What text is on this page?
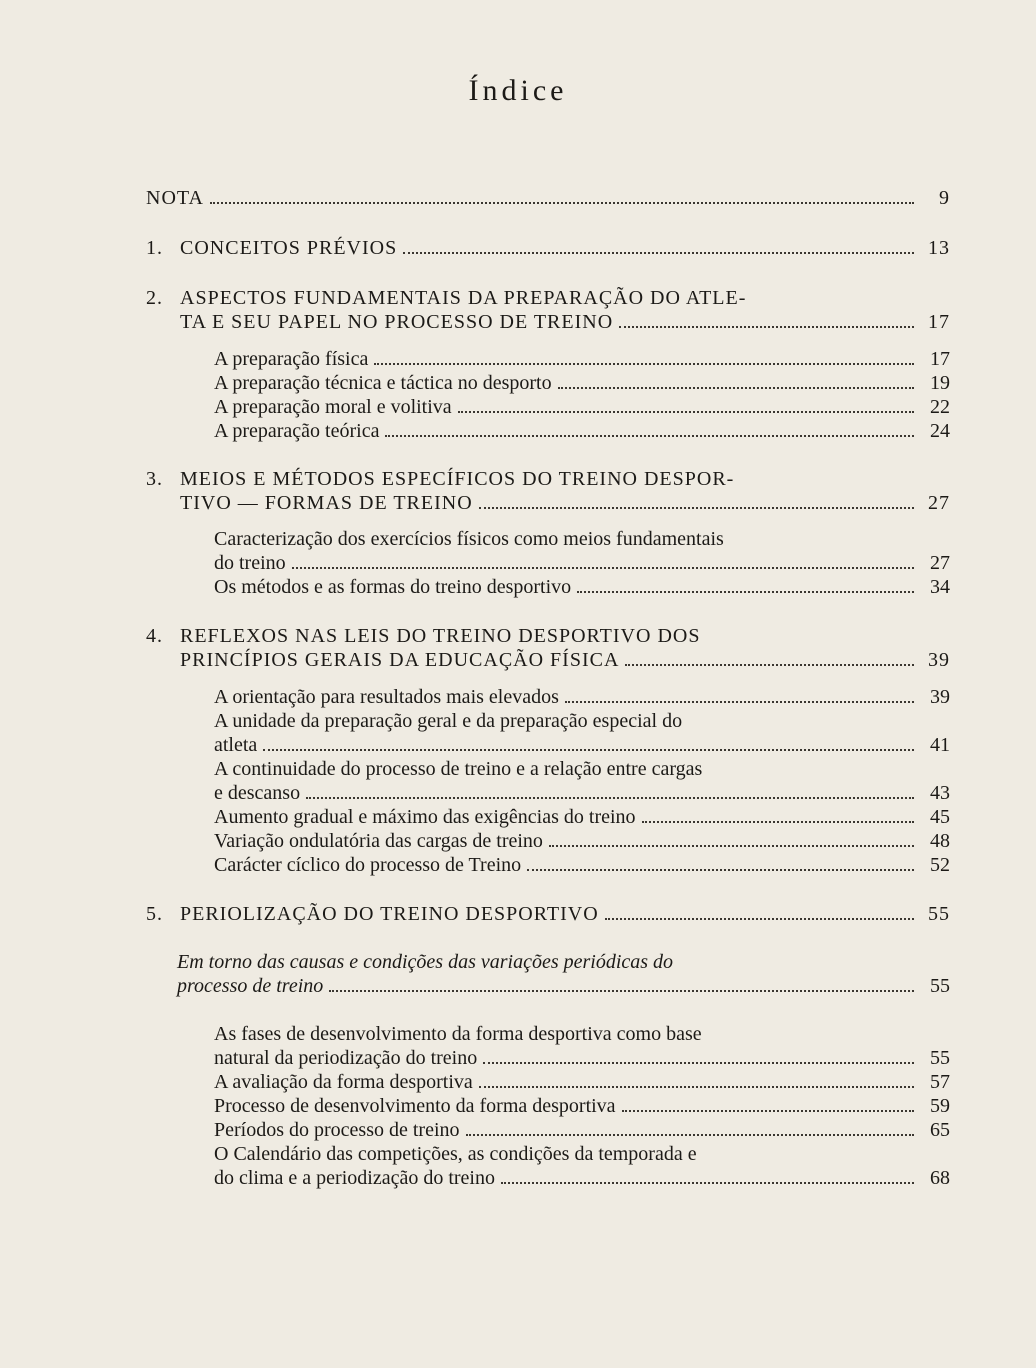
Índice
NOTA	9
1. CONCEITOS PRÉVIOS	13
2. ASPECTOS FUNDAMENTAIS DA PREPARAÇÃO DO ATLE-
TA E SEU PAPEL NO PROCESSO DE TREINO	17
A preparação física	17
A preparação técnica e táctica no desporto	19
A preparação moral e volitiva	22
A preparação teórica	24
3. MEIOS E MÉTODOS ESPECÍFICOS DO TREINO DESPOR-
TIVO — FORMAS DE TREINO	27
Caracterização dos exercícios físicos como meios fundamentais
do treino	27
Os métodos e as formas do treino desportivo	34
4. REFLEXOS NAS LEIS DO TREINO DESPORTIVO DOS
PRINCÍPIOS GERAIS DA EDUCAÇÃO FÍSICA	39
A orientação para resultados mais elevados	39
A unidade da preparação geral e da preparação especial do
atleta	41
A continuidade do processo de treino e a relação entre cargas
e descanso	43
Aumento gradual e máximo das exigências do treino	45
Variação ondulatória das cargas de treino	48
Carácter cíclico do processo de Treino	52
5. PERIOLIZAÇÃO DO TREINO DESPORTIVO	55
Em torno das causas e condições das variações periódicas do
processo de treino	55
As fases de desenvolvimento da forma desportiva como base
natural da periodização do treino	55
A avaliação da forma desportiva	57
Processo de desenvolvimento da forma desportiva	59
Períodos do processo de treino	65
O Calendário das competições, as condições da temporada e
do clima e a periodização do treino	68
